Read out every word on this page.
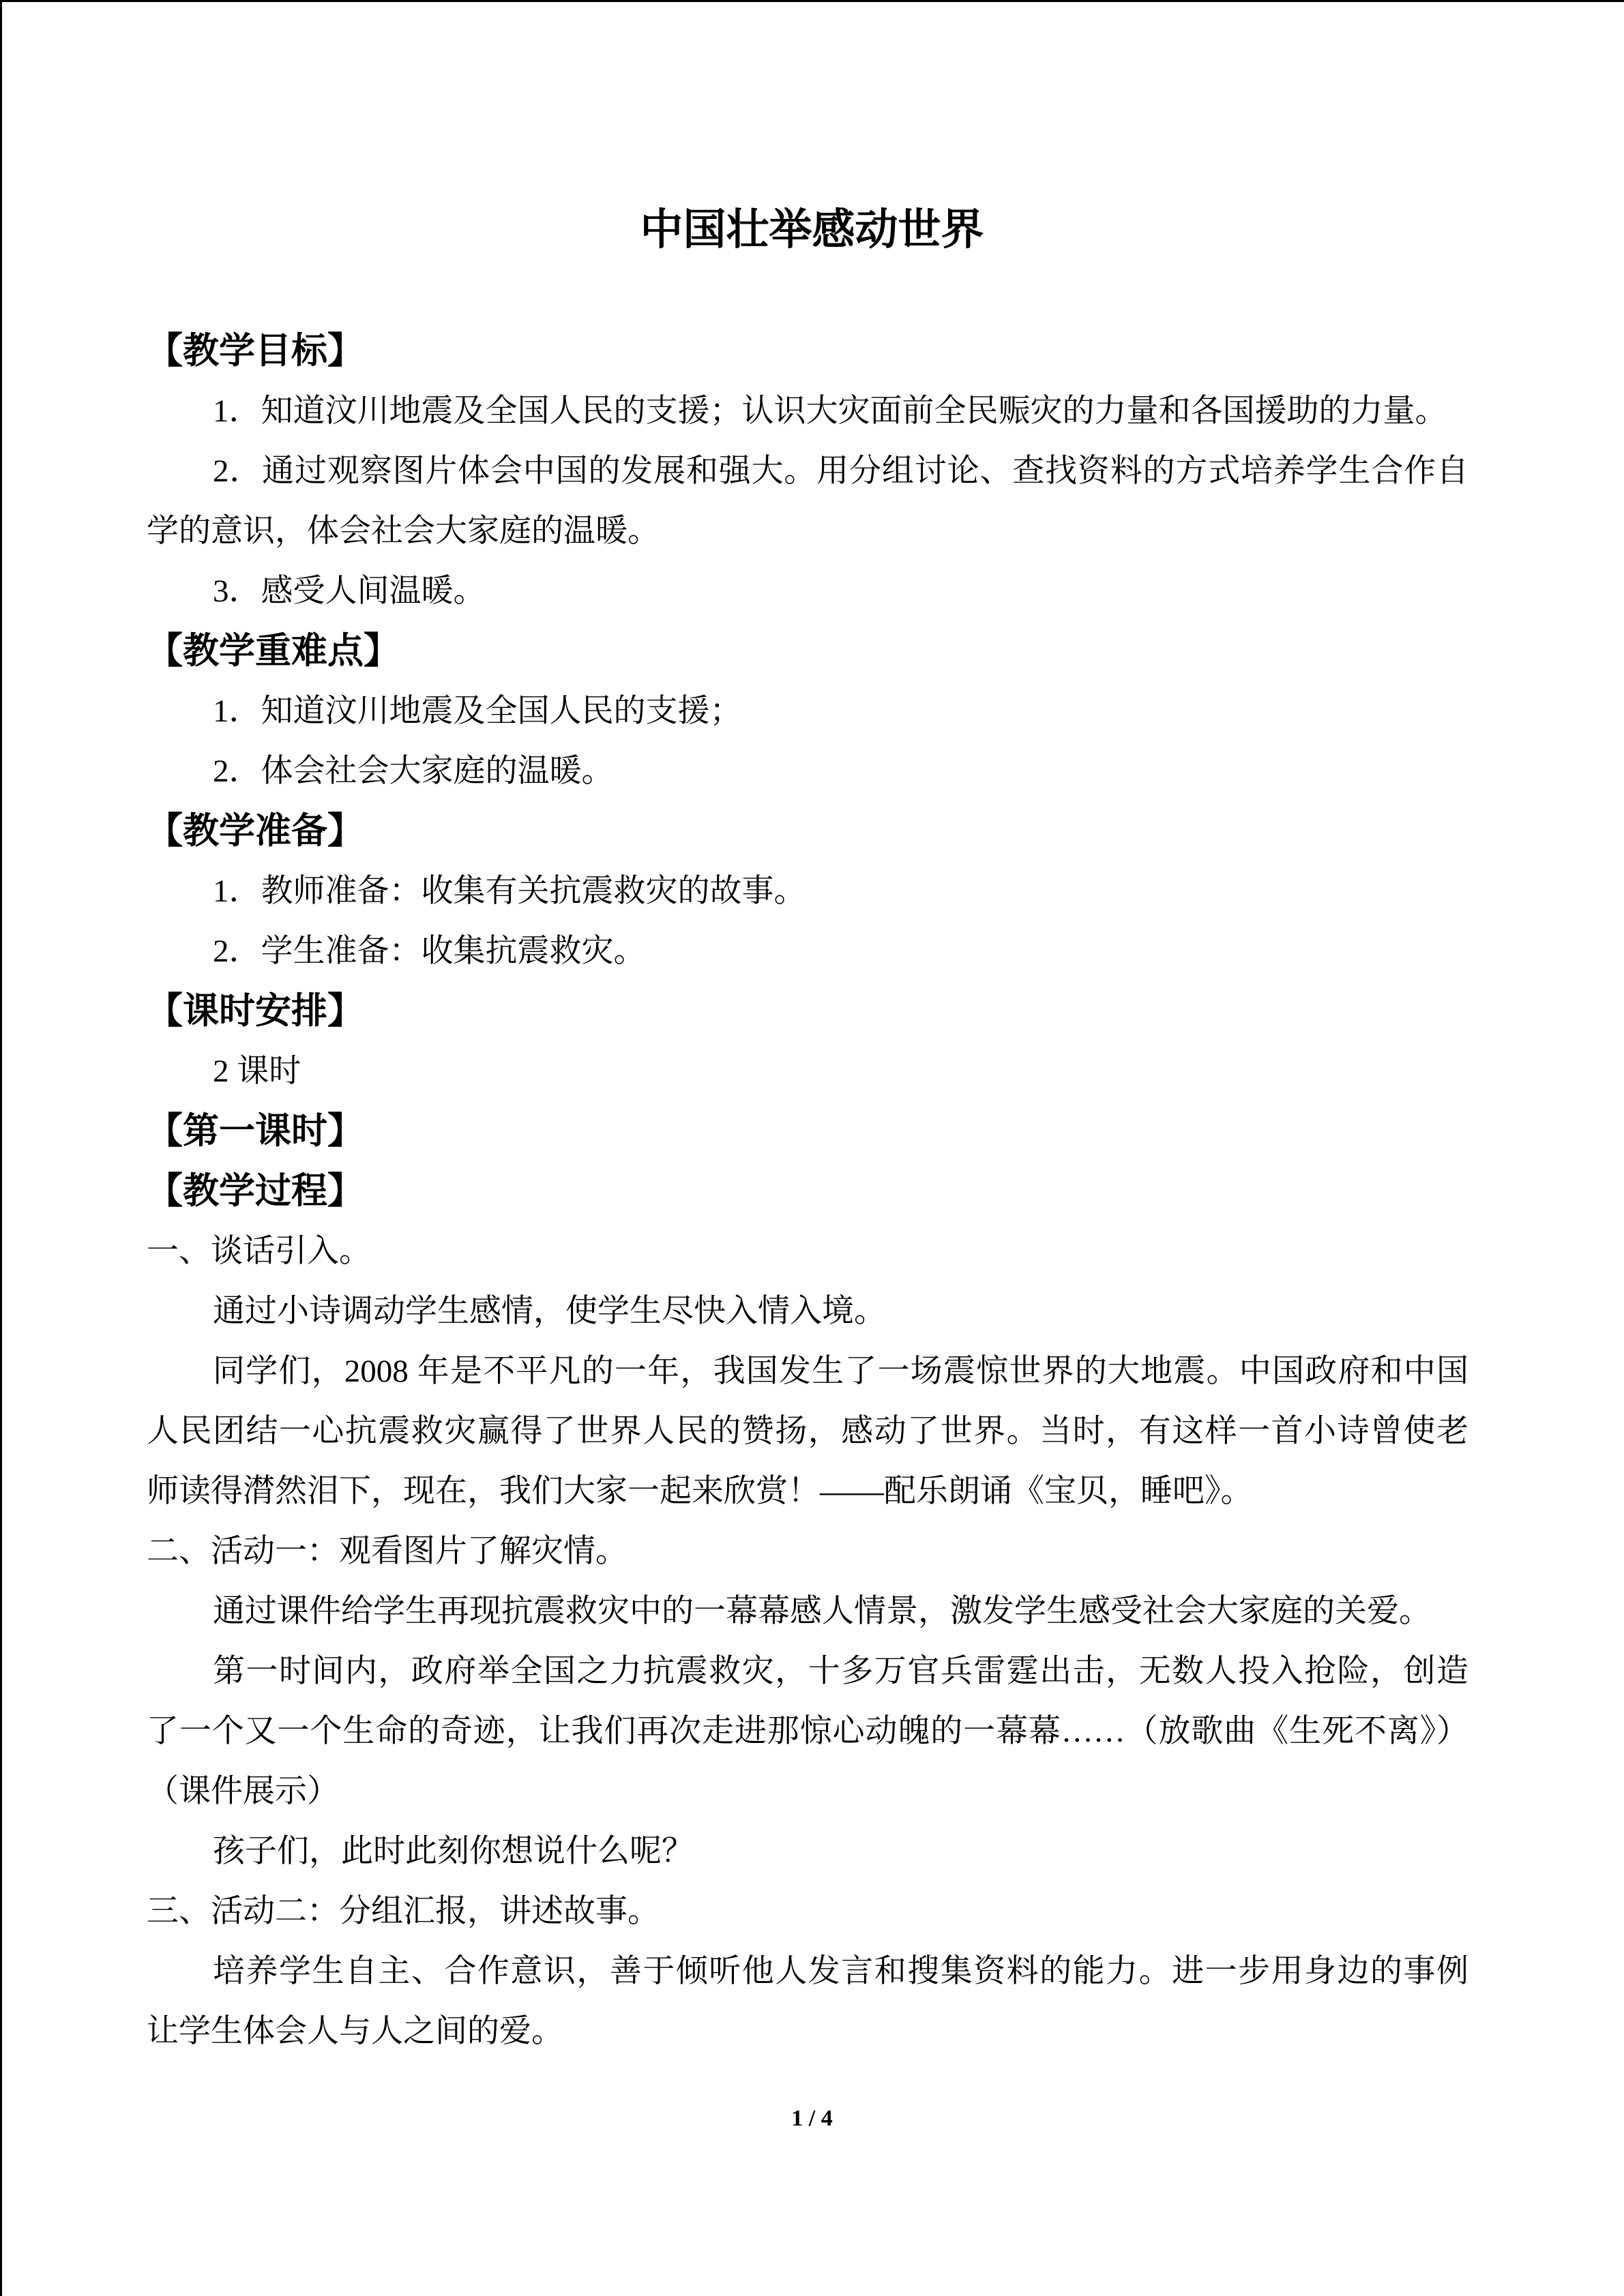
中国壮举感动世界
【教学目标】
1．知道汶川地震及全国人民的支援；认识大灾面前全民赈灾的力量和各国援助的力量。
2．通过观察图片体会中国的发展和强大。用分组讨论、查找资料的方式培养学生合作自
学的意识，体会社会大家庭的温暖。
3．感受人间温暖。
【教学重难点】
1．知道汶川地震及全国人民的支援；
2．体会社会大家庭的温暖。
【教学准备】
1．教师准备：收集有关抗震救灾的故事。
2．学生准备：收集抗震救灾。
【课时安排】
2 课时
【第一课时】
【教学过程】
一、谈话引入。
通过小诗调动学生感情，使学生尽快入情入境。
同学们，2008 年是不平凡的一年，我国发生了一场震惊世界的大地震。中国政府和中国
人民团结一心抗震救灾赢得了世界人民的赞扬，感动了世界。当时，有这样一首小诗曾使老
师读得潸然泪下，现在，我们大家一起来欣赏！——配乐朗诵《宝贝，睡吧》。
二、活动一：观看图片了解灾情。
通过课件给学生再现抗震救灾中的一幕幕感人情景，激发学生感受社会大家庭的关爱。
第一时间内，政府举全国之力抗震救灾，十多万官兵雷霆出击，无数人投入抢险，创造
了一个又一个生命的奇迹，让我们再次走进那惊心动魄的一幕幕……（放歌曲《生死不离》）
（课件展示）
孩子们，此时此刻你想说什么呢？
三、活动二：分组汇报，讲述故事。
培养学生自主、合作意识，善于倾听他人发言和搜集资料的能力。进一步用身边的事例
让学生体会人与人之间的爱。
1 / 4
